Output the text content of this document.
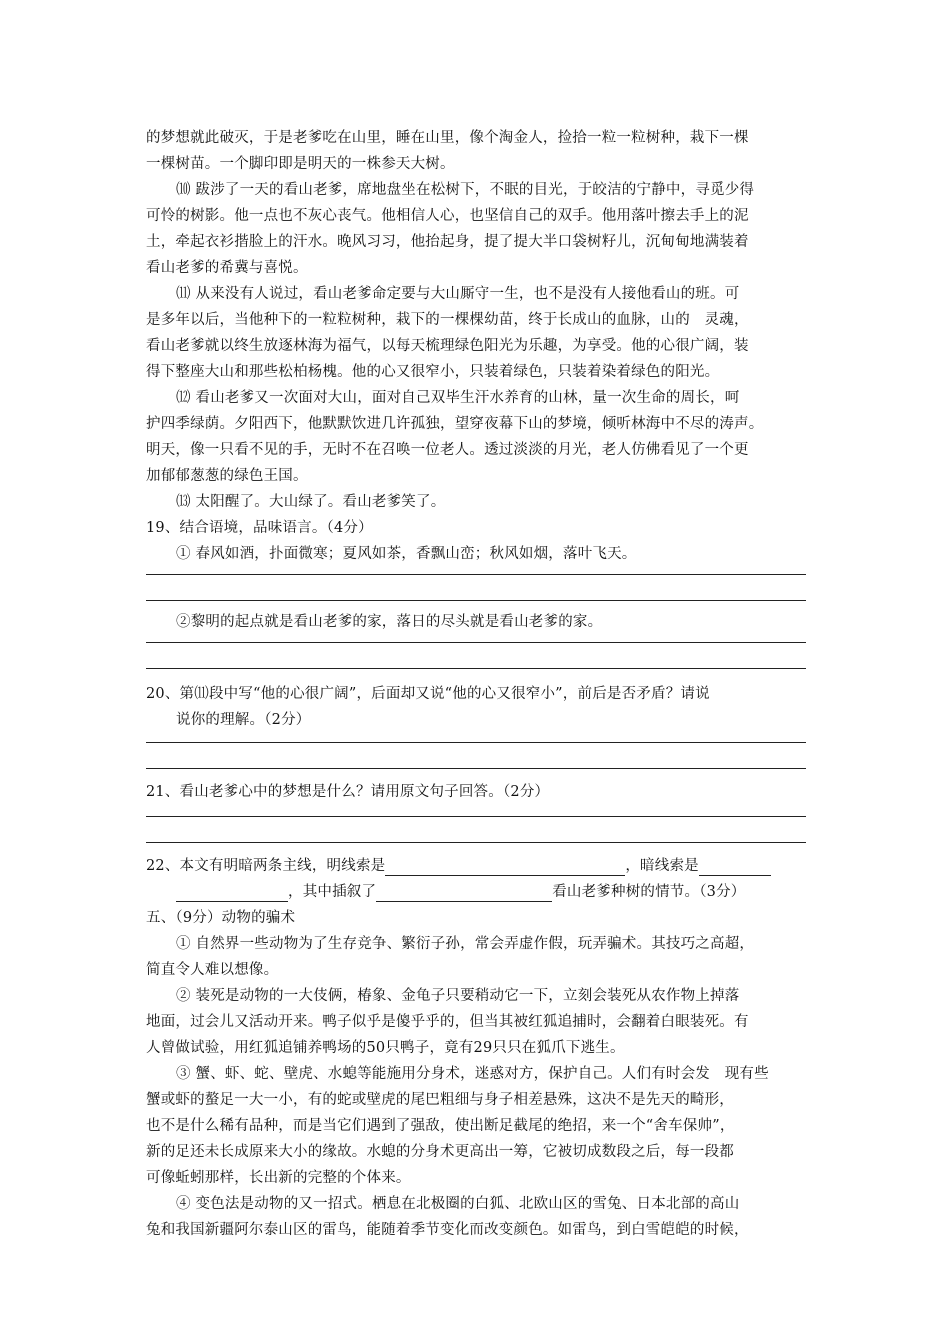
的梦想就此破灭，于是老爹吃在山里，睡在山里，像个淘金人，捡拾一粒一粒树种，栽下一棵
一棵树苗。一个脚印即是明天的一株参天大树。
⑽ 跋涉了一天的看山老爹，席地盘坐在松树下，不眠的目光，于皎洁的宁静中，寻觅少得
可怜的树影。他一点也不灰心丧气。他相信人心，也坚信自己的双手。他用落叶擦去手上的泥
土，牵起衣衫揩脸上的汗水。晚风习习，他抬起身，提了提大半口袋树籽儿，沉甸甸地满装着
看山老爹的希冀与喜悦。
⑾ 从来没有人说过，看山老爹命定要与大山厮守一生，也不是没有人接他看山的班。可
是多年以后，当他种下的一粒粒树种，栽下的一棵棵幼苗，终于长成山的血脉，山的　灵魂，
看山老爹就以终生放逐林海为福气，以每天梳理绿色阳光为乐趣，为享受。他的心很广阔，装
得下整座大山和那些松柏杨槐。他的心又很窄小，只装着绿色，只装着染着绿色的阳光。
⑿ 看山老爹又一次面对大山，面对自己双毕生汗水养育的山林，量一次生命的周长，呵
护四季绿荫。夕阳西下，他默默饮进几许孤独，望穿夜幕下山的梦境，倾听林海中不尽的涛声。
明天，像一只看不见的手，无时不在召唤一位老人。透过淡淡的月光，老人仿佛看见了一个更
加郁郁葱葱的绿色王国。
⒀ 太阳醒了。大山绿了。看山老爹笑了。
19、结合语境，品味语言。（4分）
① 春风如酒，扑面微寒；夏风如茶，香飘山峦；秋风如烟，落叶飞天。
②黎明的起点就是看山老爹的家，落日的尽头就是看山老爹的家。
20、第⑾段中写“他的心很广阔”，后面却又说“他的心又很窄小”，前后是否矛盾？请说
说你的理解。（2分）
21、看山老爹心中的梦想是什么？请用原文句子回答。（2分）
22、本文有明暗两条主线，明线索是	，暗线索是
，其中插叙了	看山老爹种树的情节。（3分）
五、（9分）动物的骗术
① 自然界一些动物为了生存竞争、繁衍子孙，常会弄虚作假，玩弄骗术。其技巧之高超，
简直令人难以想像。
② 装死是动物的一大伎俩，椿象、金龟子只要稍动它一下，立刻会装死从农作物上掉落
地面，过会儿又活动开来。鸭子似乎是傻乎乎的，但当其被红狐追捕时，会翻着白眼装死。有
人曾做试验，用红狐追铺养鸭场的50只鸭子，竟有29只只在狐爪下逃生。
③ 蟹、虾、蛇、壁虎、水螅等能施用分身术，迷惑对方，保护自己。人们有时会发　现有些
蟹或虾的螯足一大一小，有的蛇或壁虎的尾巴粗细与身子相差悬殊，这决不是先天的畸形，
也不是什么稀有品种，而是当它们遇到了强敌，使出断足截尾的绝招，来一个“舍车保帅”，
新的足还未长成原来大小的缘故。水螅的分身术更高出一筹，它被切成数段之后，每一段都
可像蚯蚓那样，长出新的完整的个体来。
④ 变色法是动物的又一招式。栖息在北极圈的白狐、北欧山区的雪兔、日本北部的高山
兔和我国新疆阿尔泰山区的雷鸟，能随着季节变化而改变颜色。如雷鸟，到白雪皑皑的时候，
